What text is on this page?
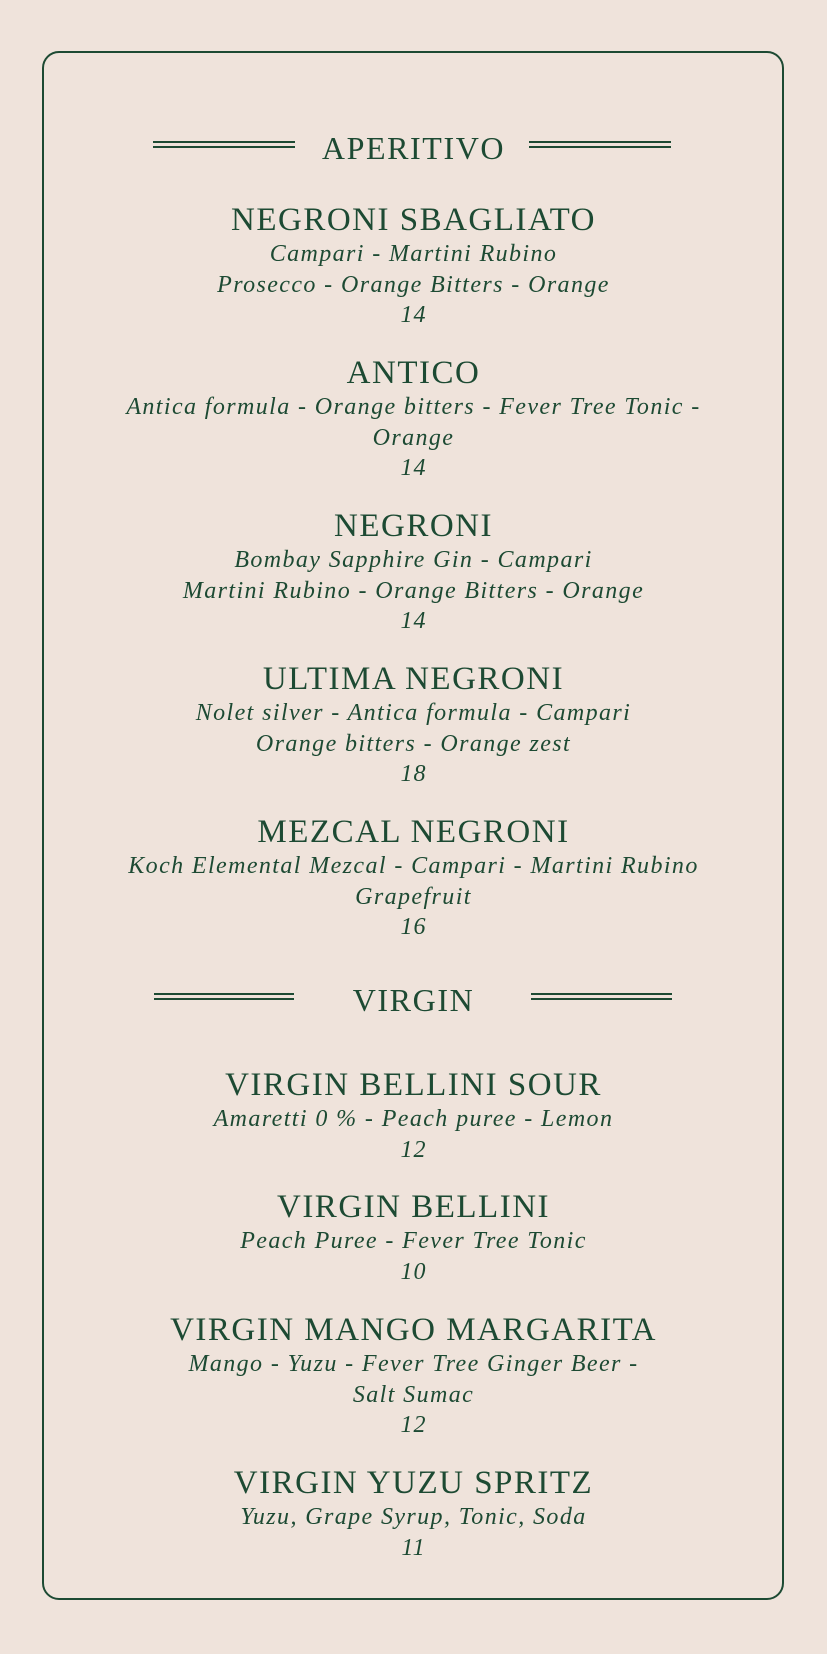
APERITIVO
NEGRONI SBAGLIATO
Campari - Martini Rubino
Prosecco - Orange Bitters - Orange
14
ANTICO
Antica formula - Orange bitters - Fever Tree Tonic -
Orange
14
NEGRONI
Bombay Sapphire Gin - Campari
Martini Rubino - Orange Bitters - Orange
14
ULTIMA NEGRONI
Nolet silver - Antica formula - Campari
Orange bitters - Orange zest
18
MEZCAL NEGRONI
Koch Elemental Mezcal - Campari - Martini Rubino
Grapefruit
16
VIRGIN
VIRGIN BELLINI SOUR
Amaretti 0 % - Peach puree - Lemon
12
VIRGIN BELLINI
Peach Puree - Fever Tree Tonic
10
VIRGIN MANGO MARGARITA
Mango - Yuzu - Fever Tree Ginger Beer -
Salt Sumac
12
VIRGIN YUZU SPRITZ
Yuzu, Grape Syrup, Tonic, Soda
11
